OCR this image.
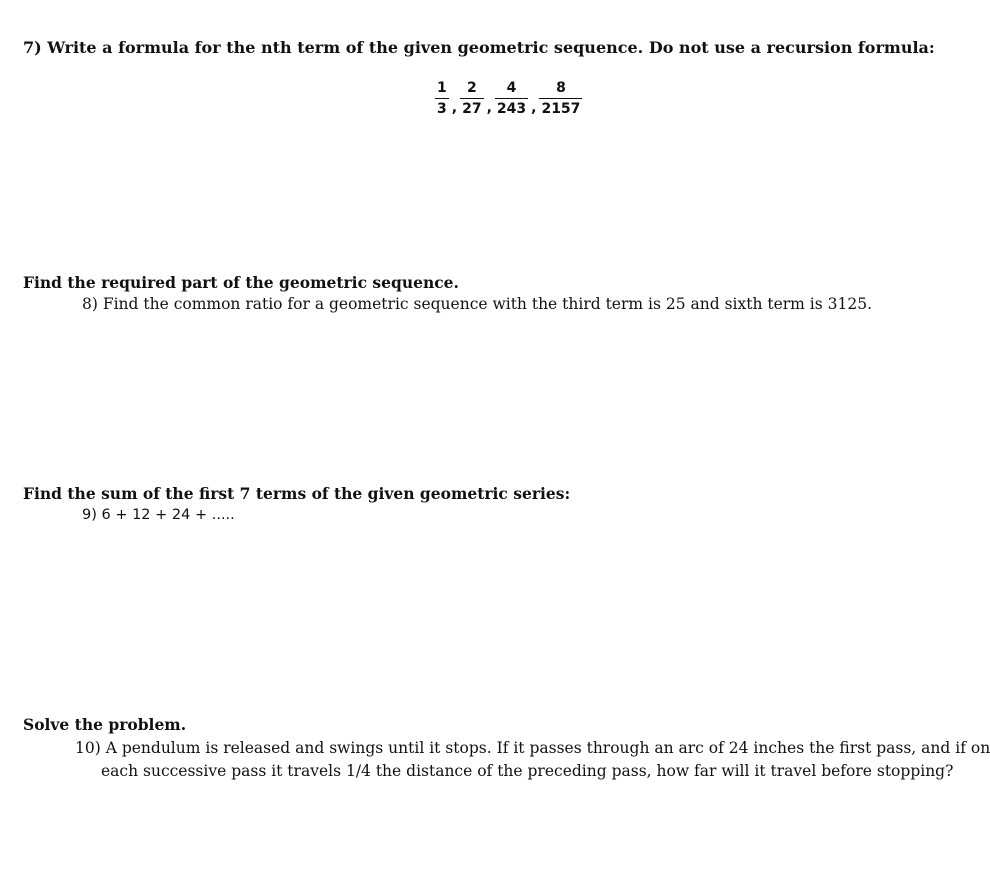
7) Write a formula for the nth term of the given geometric sequence. Do not use a recursion formula:
$\frac{1}{3}$ , $\frac{2}{27}$ , $\frac{4}{243}$ , $\frac{8}{2157}$
Find the required part of the geometric sequence.
8) Find the common ratio for a geometric sequence with the third term is 25 and sixth term is 3125.
Find the sum of the first 7 terms of the given geometric series:
9) 6 + 12 + 24 + .....
Solve the problem.
10) A pendulum is released and swings until it stops. If it passes through an arc of 24 inches the first pass, and if on
each successive pass it travels 1/4 the distance of the preceding pass, how far will it travel before stopping?
